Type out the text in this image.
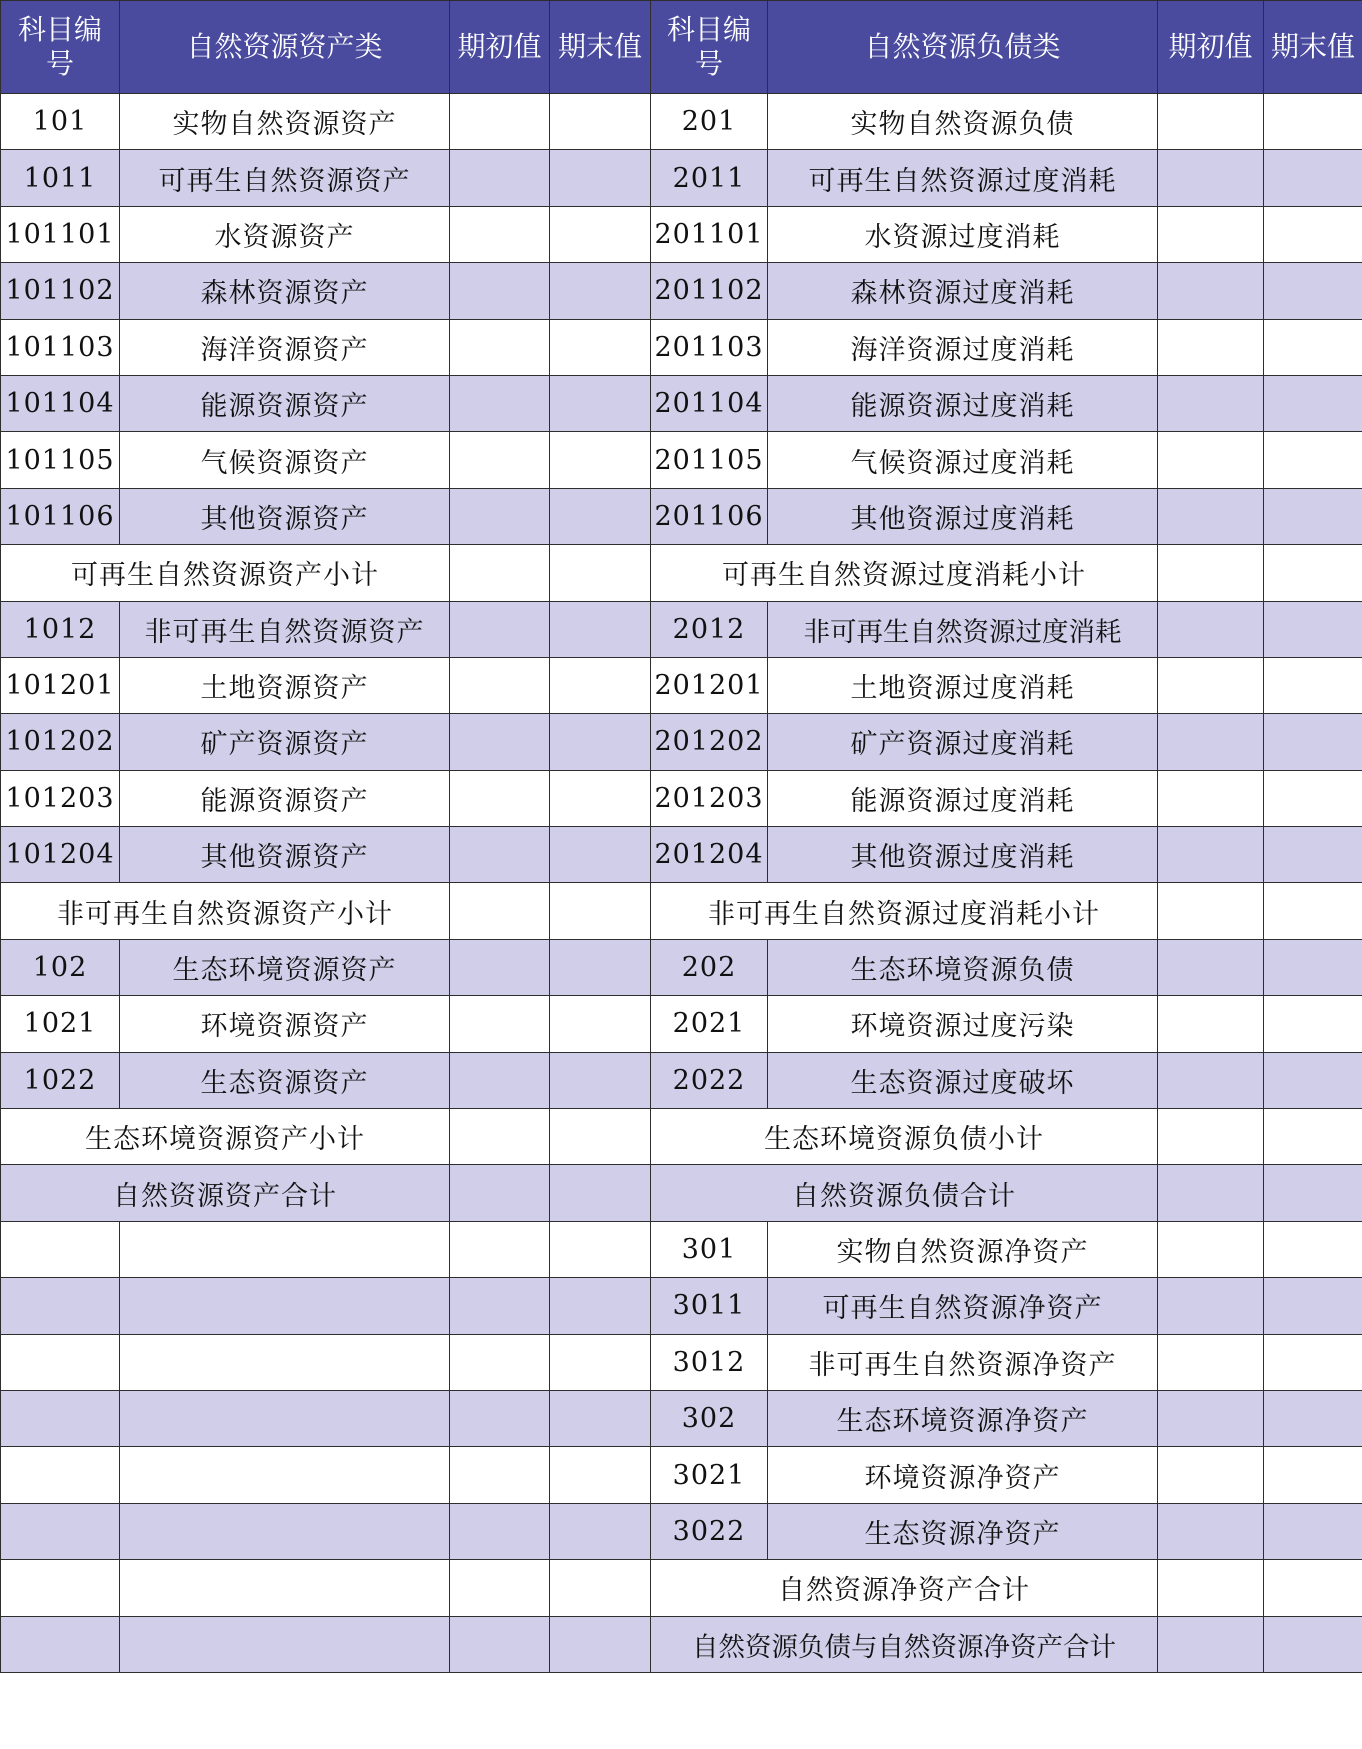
科目编号	自然资源资产类	期初值	期末值	科目编号	自然资源负债类	期初值	期末值
101	实物自然资源资产			201	实物自然资源负债		
1011	可再生自然资源资产			2011	可再生自然资源过度消耗		
101101	水资源资产			201101	水资源过度消耗		
101102	森林资源资产			201102	森林资源过度消耗		
101103	海洋资源资产			201103	海洋资源过度消耗		
101104	能源资源资产			201104	能源资源过度消耗		
101105	气候资源资产			201105	气候资源过度消耗		
101106	其他资源资产			201106	其他资源过度消耗		
可再生自然资源资产小计				可再生自然资源过度消耗小计			
1012	非可再生自然资源资产			2012	非可再生自然资源过度消耗		
101201	土地资源资产			201201	土地资源过度消耗		
101202	矿产资源资产			201202	矿产资源过度消耗		
101203	能源资源资产			201203	能源资源过度消耗		
101204	其他资源资产			201204	其他资源过度消耗		
非可再生自然资源资产小计				非可再生自然资源过度消耗小计			
102	生态环境资源资产			202	生态环境资源负债		
1021	环境资源资产			2021	环境资源过度污染		
1022	生态资源资产			2022	生态资源过度破坏		
生态环境资源资产小计				生态环境资源负债小计			
自然资源资产合计				自然资源负债合计			
				301	实物自然资源净资产		
				3011	可再生自然资源净资产		
				3012	非可再生自然资源净资产		
				302	生态环境资源净资产		
				3021	环境资源净资产		
				3022	生态资源净资产		
				自然资源净资产合计			
				自然资源负债与自然资源净资产合计			
